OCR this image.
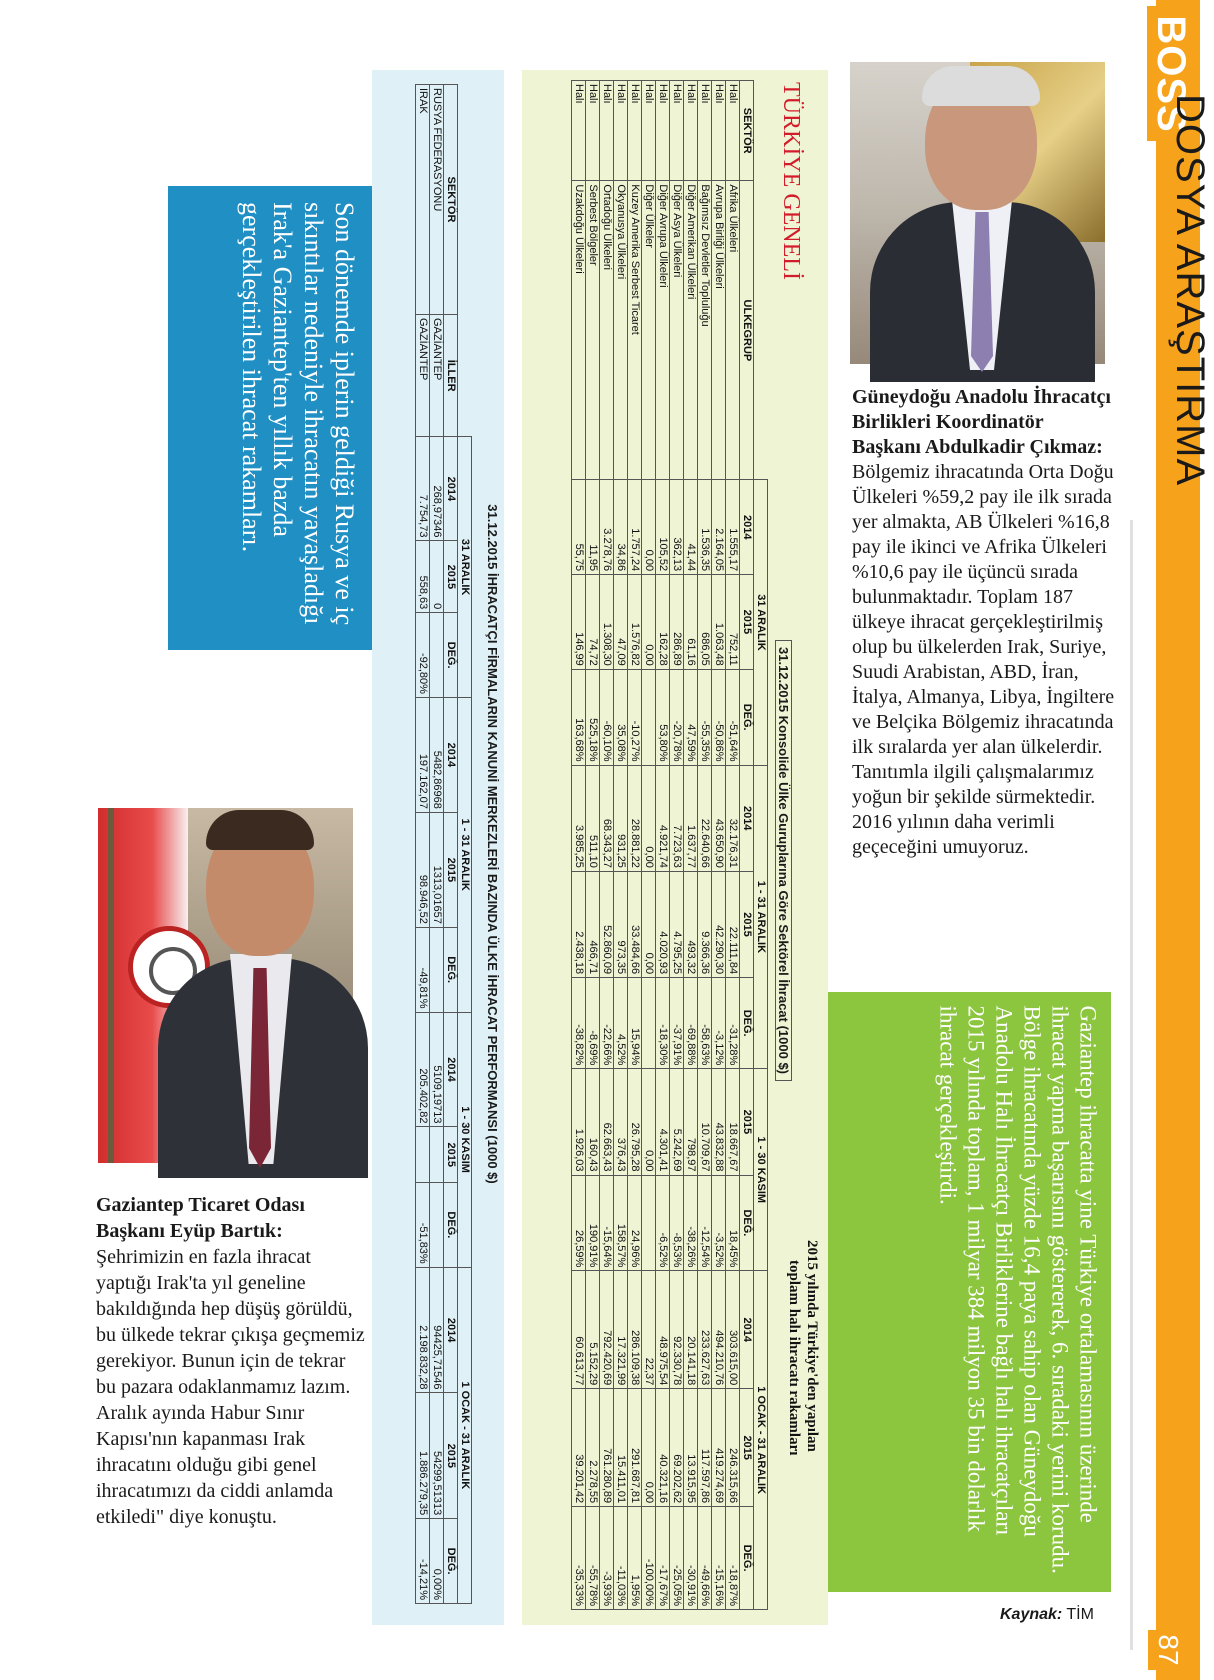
BOSS
DOSYA ARAŞTIRMA
87
Son dönemde iplerin geldiği Rusya ve iç sıkıntılar nedeniyle ihracatın yavaşladığı Irak'a Gaziantep'ten yıllık bazda gerçekleştirilen ihracat rakamları.
31.12.2015 İHRACATÇI FİRMALARIN KANUNİ MERKEZLERİ BAZINDA ÜLKE İHRACAT PERFORMANSI (1000 $)
		31 ARALIK			1 - 31 ARALIK			1 - 30 KASIM			1 OCAK - 31 ARALIK		
SEKTÖR	İLLER	2014	2015	DEĞ.	2014	2015	DEĞ.	2014	2015	DEĞ.	2014	2015	DEĞ.
RUSYA FEDERASYONU	GAZİANTEP	268,97346	0		5482,86968	1313,01657		5109,19713			94425,71546	54299,51313	0,00%
IRAK	GAZİANTEP	7.754,73	558,63	-92,80%	197.162,07	98.946,52	-49,81%	205.402,82		-51,83%	2.198.832,28	1.886.279,35	-14,21%
TÜRKİYE GENELİ
31.12.2015 Konsolide Ülke Guruplarına Göre Sektörel İhracat (1000 $)
2015 yılında Türkiye'den yapılan
toplam halı ihracatı rakamları
		31 ARALIK			1 - 31 ARALIK			1 - 30 KASIM		1 OCAK - 31 ARALIK		
SEKTÖR	ULKEGRUP	2014	2015	DEĞ.	2014	2015	DEĞ.	2015	DEĞ.	2014	2015	DEĞ.
Halı	Afrika Ülkeleri	1.555,17	752,11	-51,64%	32.176,31	22.111,84	-31,28%	18.667,67	18,45%	303.615,00	246.315,66	-18,87%
Halı	Avrupa Birliği Ülkeleri	2.164,05	1.063,48	-50,86%	43.650,90	42.290,30	-3,12%	43.832,88	-3,52%	494.210,76	419.274,69	-15,16%
Halı	Bağımsız Devletler Topluluğu	1.536,35	686,05	-55,35%	22.640,66	9.366,36	-58,63%	10.709,67	-12,54%	233.627,63	117.597,86	-49,66%
Halı	Diğer Amerikan Ülkeleri	41,44	61,16	47,59%	1.637,77	493,32	-69,88%	798,97	-38,26%	20.141,18	13.915,95	-30,91%
Halı	Diğer Asya Ülkeleri	362,13	286,89	-20,78%	7.723,63	4.795,25	-37,91%	5.242,69	-8,53%	92.330,78	69.202,62	-25,05%
Halı	Diğer Avrupa Ülkeleri	105,52	162,28	53,80%	4.921,74	4.020,93	-18,30%	4.301,41	-6,52%	48.975,54	40.321,16	-17,67%
Halı	Diğer Ülkeler	0,00	0,00		0,00	0,00		0,00		22,37	0,00	-100,00%
Halı	Kuzey Amerika Serbest Ticaret	1.757,24	1.576,82	-10,27%	28.881,22	33.484,66	15,94%	26.795,28	24,96%	286.109,38	291.687,81	1,95%
Halı	Okyanusya Ülkeleri	34,86	47,09	35,08%	931,25	973,35	4,52%	376,43	158,57%	17.321,99	15.411,01	-11,03%
Halı	Ortadoğu Ülkeleri	3.278,76	1.308,30	-60,10%	68.343,27	52.860,09	-22,66%	62.663,43	-15,64%	792.420,69	761.280,89	-3,93%
Halı	Serbest Bölgeler	11,95	74,72	525,18%	511,10	466,71	-8,69%	160,43	190,91%	5.152,29	2.278,55	-55,78%
Halı	Uzakdoğu Ülkeleri	55,75	146,99	163,68%	3.985,25	2.438,18	-38,82%	1.926,03	26,59%	60.613,77	39.201,42	-35,33%

Gaziantep ihracatta yine Türkiye ortalamasının üzerinde ihracat yapma başarısını göstererek, 6. sıradaki yerini korudu.

Bölge ihracatında yüzde 16,4 paya sahip olan Güneydoğu Anadolu Halı İhracatçı Birliklerine bağlı halı ihracatçıları 2015 yılında toplam, 1 milyar 384 milyon 35 bin dolarlık ihracat gerçekleştirdi.

Gaziantep Ticaret Odası Başkanı Eyüp Bartık: Şehrimizin en fazla ihracat yaptığı Irak'ta yıl geneline bakıldığında hep düşüş görüldü, bu ülkede tekrar çıkışa geçmemiz gerekiyor. Bunun için de tekrar bu pazara odaklanmamız lazım. Aralık ayında Habur Sınır Kapısı'nın kapanması Irak ihracatını olduğu gibi genel ihracatımızı da ciddi anlamda etkiledi" diye konuştu.
Güneydoğu Anadolu İhracatçı Birlikleri Koordinatör Başkanı Abdulkadir Çıkmaz: Bölgemiz ihracatında Orta Doğu Ülkeleri %59,2 pay ile ilk sırada yer almakta, AB Ülkeleri %16,8 pay ile ikinci ve Afrika Ülkeleri %10,6 pay ile üçüncü sırada bulunmaktadır. Toplam 187 ülkeye ihracat gerçekleştirilmiş olup bu ülkelerden Irak, Suriye, Suudi Arabistan, ABD, İran, İtalya, Almanya, Libya, İngiltere ve Belçika Bölgemiz ihracatında ilk sıralarda yer alan ülkelerdir. Tanıtımla ilgili çalışmalarımız yoğun bir şekilde sürmektedir. 2016 yılının daha verimli geçeceğini umuyoruz.
Kaynak: TİM
